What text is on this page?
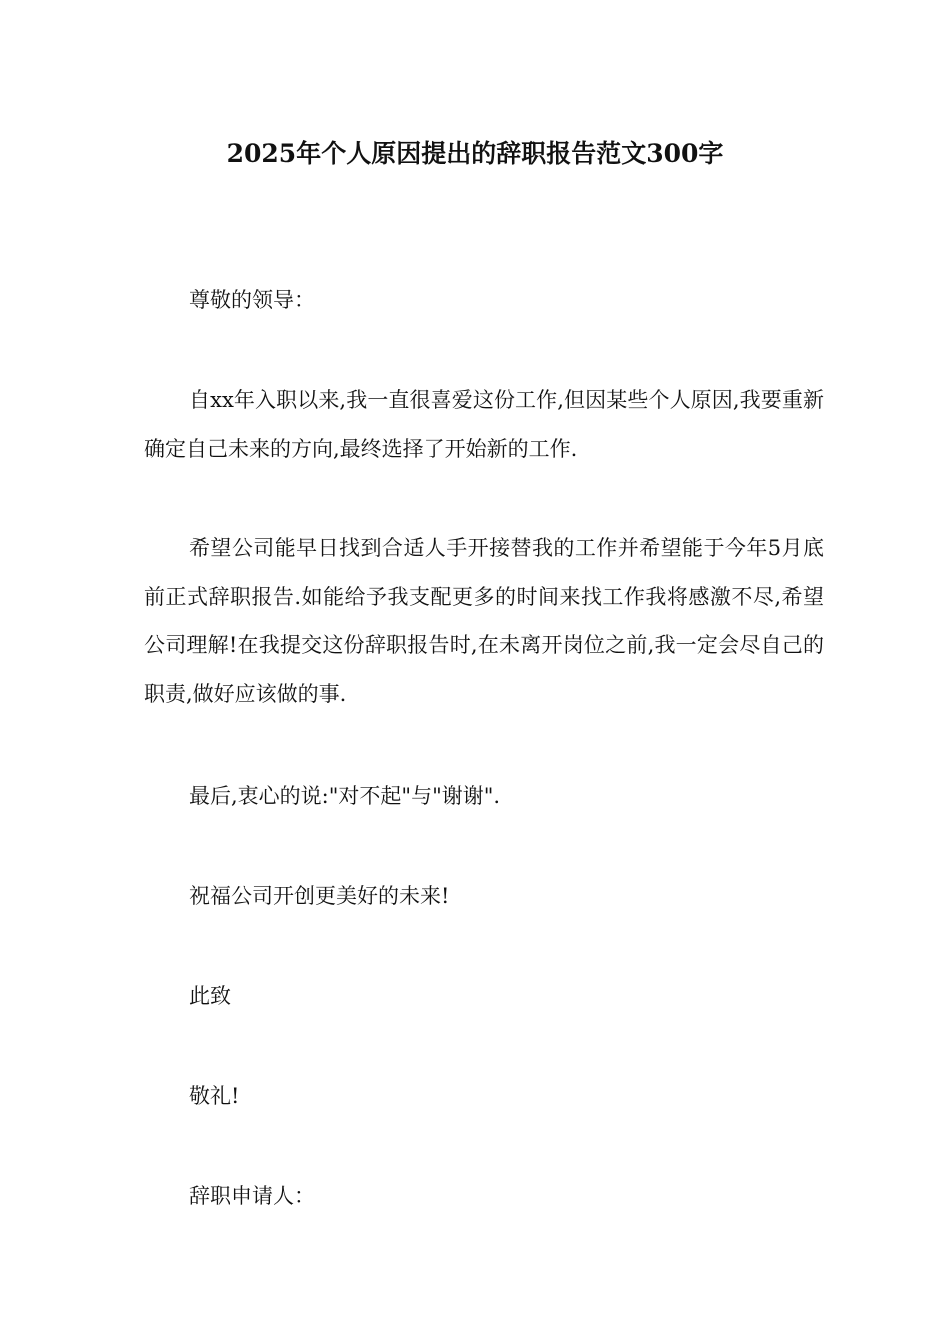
2025年个人原因提出的辞职报告范文300字

尊敬的领导：

自xx年入职以来,我一直很喜爱这份工作,但因某些个人原因,我要重新确定自己未来的方向,最终选择了开始新的工作.

希望公司能早日找到合适人手开接替我的工作并希望能于今年5月底前正式辞职报告.如能给予我支配更多的时间来找工作我将感激不尽,希望公司理解!在我提交这份辞职报告时,在未离开岗位之前,我一定会尽自己的职责,做好应该做的事.

最后,衷心的说:"对不起"与"谢谢".

祝福公司开创更美好的未来!

此致

敬礼!

辞职申请人：
